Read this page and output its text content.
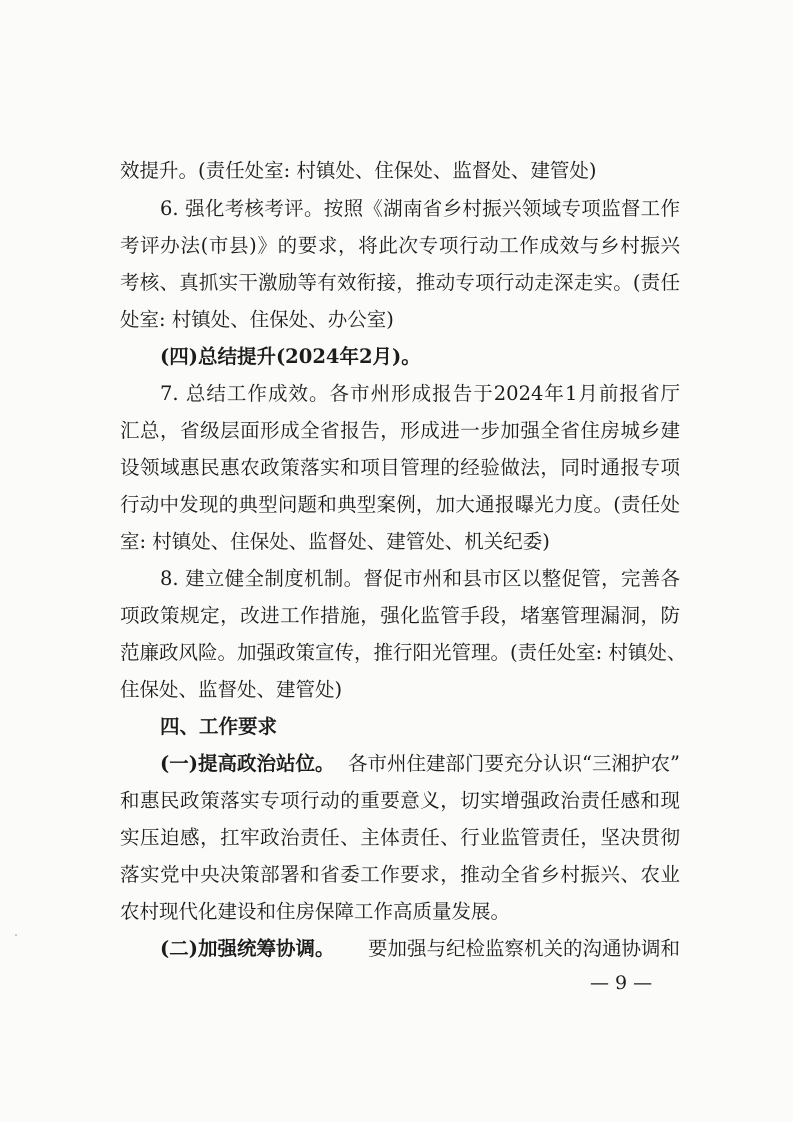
效提升。(责任处室: 村镇处、住保处、监督处、建管处)
6. 强化考核考评。按照《湖南省乡村振兴领域专项监督工作
考评办法(市县)》的要求，将此次专项行动工作成效与乡村振兴
考核、真抓实干激励等有效衔接，推动专项行动走深走实。(责任
处室: 村镇处、住保处、办公室)
(四)总结提升(2024年2月)。
7. 总结工作成效。各市州形成报告于2024年1月前报省厅
汇总，省级层面形成全省报告，形成进一步加强全省住房城乡建
设领域惠民惠农政策落实和项目管理的经验做法，同时通报专项
行动中发现的典型问题和典型案例，加大通报曝光力度。(责任处
室: 村镇处、住保处、监督处、建管处、机关纪委)
8. 建立健全制度机制。督促市州和县市区以整促管，完善各
项政策规定，改进工作措施，强化监管手段，堵塞管理漏洞，防
范廉政风险。加强政策宣传，推行阳光管理。(责任处室: 村镇处、
住保处、监督处、建管处)
四、工作要求
(一)提高政治站位。 各市州住建部门要充分认识“三湘护农”
和惠民政策落实专项行动的重要意义，切实增强政治责任感和现
实压迫感，扛牢政治责任、主体责任、行业监管责任，坚决贯彻
落实党中央决策部署和省委工作要求，推动全省乡村振兴、农业
农村现代化建设和住房保障工作高质量发展。
(二)加强统筹协调。 要加强与纪检监察机关的沟通协调和
— 9 —
